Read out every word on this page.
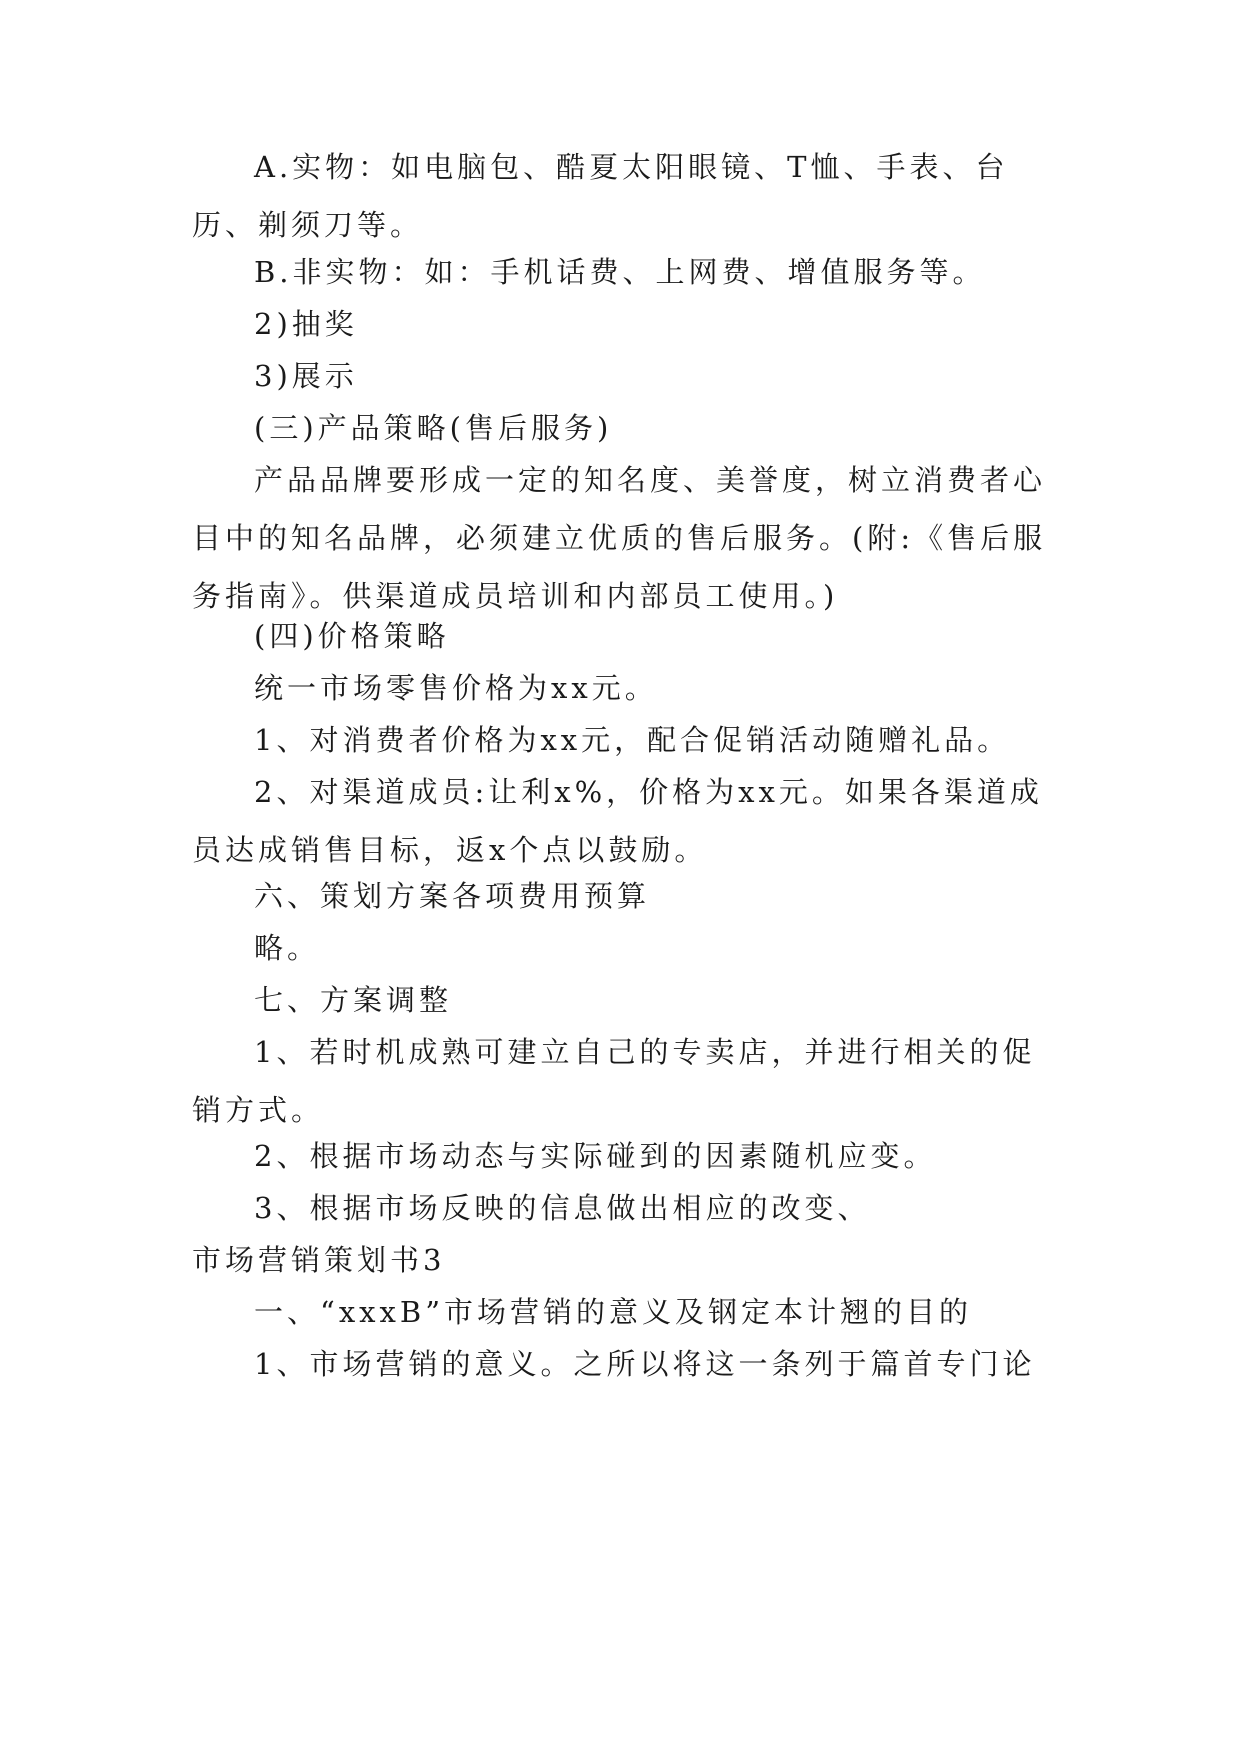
A.实物：如电脑包、酷夏太阳眼镜、T恤、手表、台历、剃须刀等。

B.非实物：如：手机话费、上网费、增值服务等。

2)抽奖

3)展示

(三)产品策略(售后服务)

产品品牌要形成一定的知名度、美誉度，树立消费者心目中的知名品牌，必须建立优质的售后服务。(附:《售后服务指南》。供渠道成员培训和内部员工使用。)

(四)价格策略

统一市场零售价格为xx元。

1、对消费者价格为xx元，配合促销活动随赠礼品。

2、对渠道成员:让利x%，价格为xx元。如果各渠道成员达成销售目标，返x个点以鼓励。

六、策划方案各项费用预算

略。

七、方案调整

1、若时机成熟可建立自己的专卖店，并进行相关的促销方式。

2、根据市场动态与实际碰到的因素随机应变。

3、根据市场反映的信息做出相应的改变、

市场营销策划书3

一、“xxxB”市场营销的意义及钢定本计翘的目的

1、市场营销的意义。之所以将这一条列于篇首专门论
